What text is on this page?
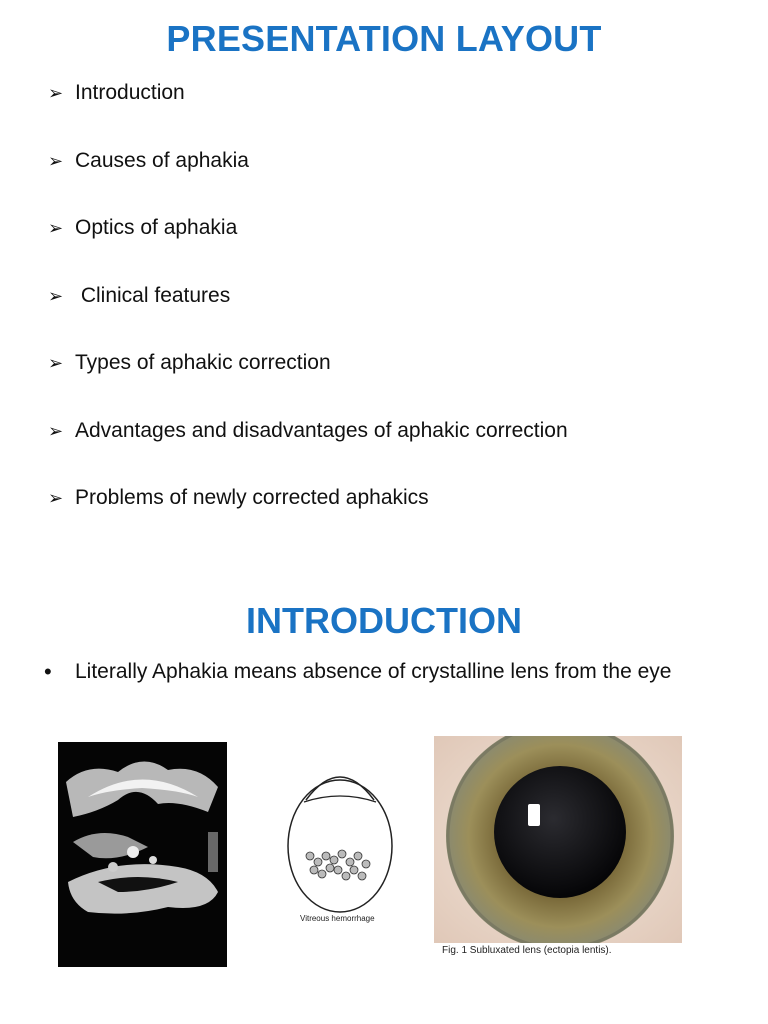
PRESENTATION LAYOUT
➢ Introduction
➢ Causes of aphakia
➢ Optics of aphakia
➢ Clinical features
➢ Types of aphakic correction
➢ Advantages and disadvantages of aphakic correction
➢ Problems of newly corrected aphakics
INTRODUCTION
•	Literally Aphakia means absence of crystalline lens from the eye
Vitreous hemorrhage
Fig. 1 Subluxated lens (ectopia lentis).
